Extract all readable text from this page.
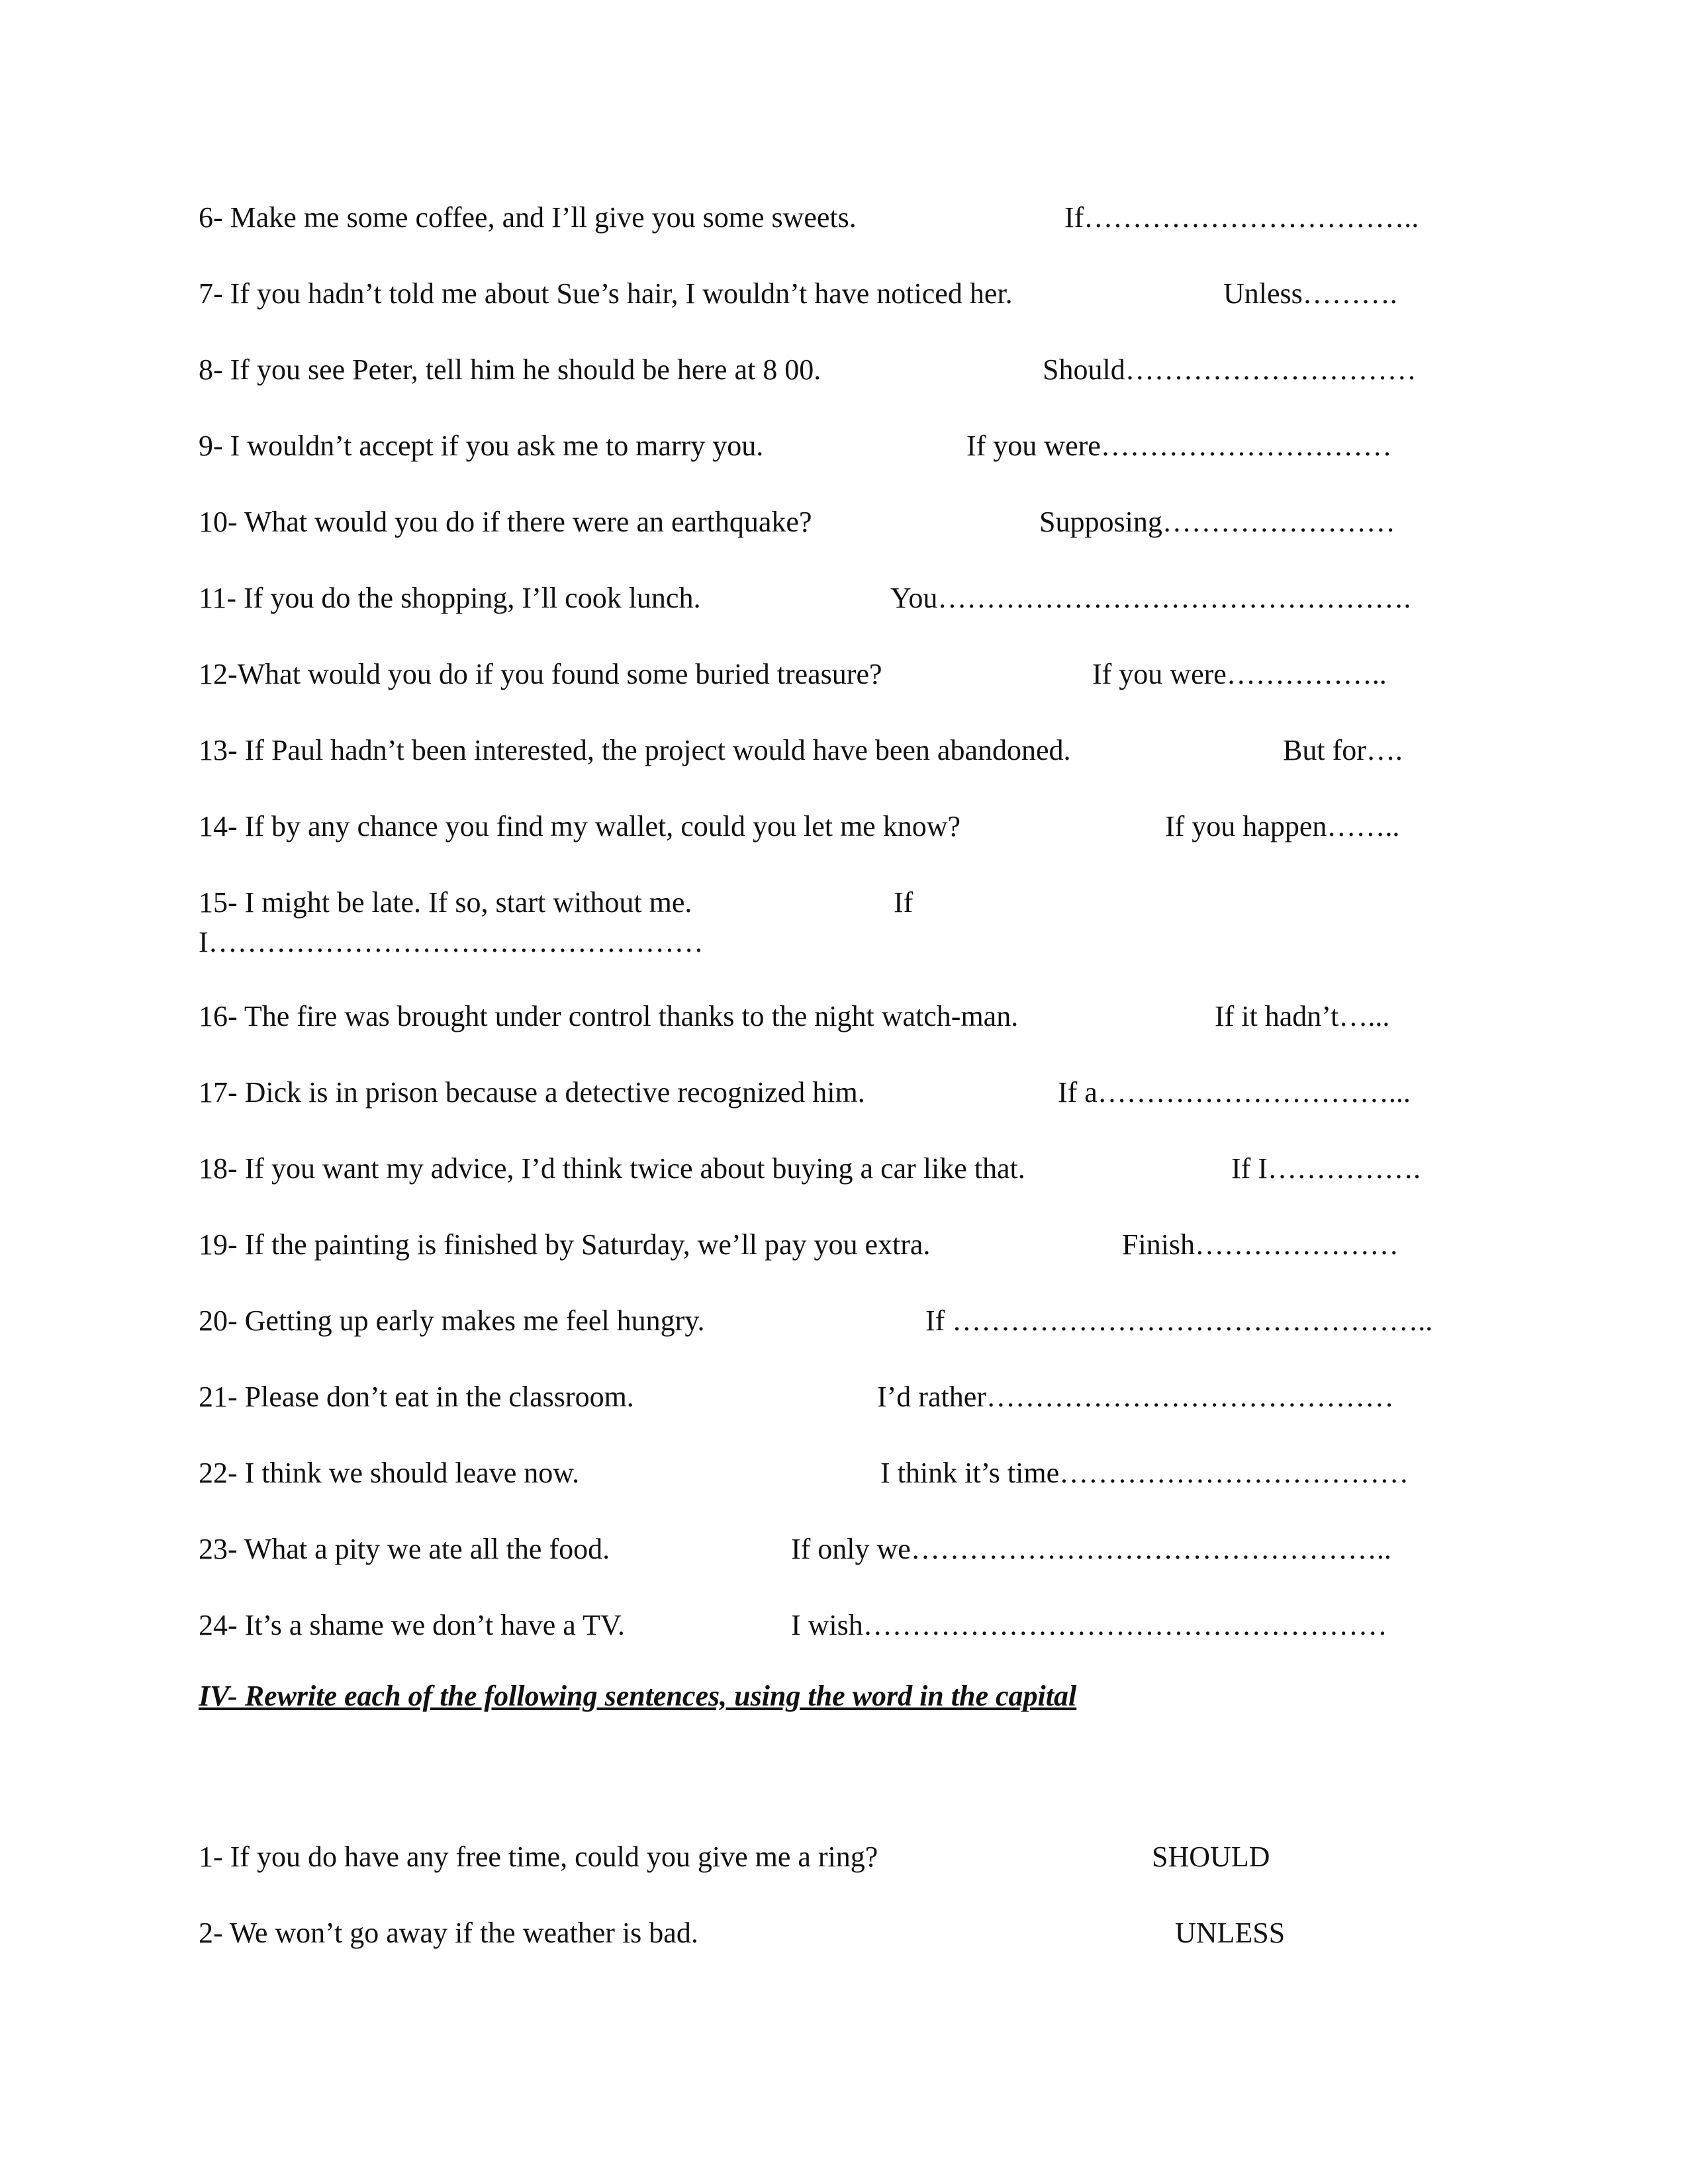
6- Make me some coffee, and I’ll give you some sweets.	If……………………………..
7- If you hadn’t told me about Sue’s hair, I wouldn’t have noticed her.	Unless……….
8- If you see Peter, tell him he should be here at 8 00.	Should…………………………
9- I wouldn’t accept if you ask me to marry you.	If you were…………………………
10- What would you do if there were an earthquake?	Supposing……………………
11- If you do the shopping, I’ll cook lunch.	You………………………………………….
12-What would you do if you found some buried treasure?	If you were……………..
13- If Paul hadn’t been interested, the project would have been abandoned.	But for….
14- If by any chance you find my wallet, could you let me know?	If you happen……..
15- I might be late. If so, start without me.	If
I……………………………………………
16- The fire was brought under control thanks to the night watch-man.	If it hadn’t…...
17- Dick is in prison because a detective recognized him.	If a…………………………...
18- If you want my advice, I’d think twice about buying a car like that.	If I…………….
19- If the painting is finished by Saturday, we’ll pay you extra.	Finish…………………
20- Getting up early makes me feel hungry.	If …………………………………………..
21- Please don’t eat in the classroom.	I’d rather……………………………………
22- I think we should leave now.	I think it’s time………………………………
23- What a pity we ate all the food.	If only we…………………………………………..
24- It’s a shame we don’t have a TV.	I wish………………………………………………
IV- Rewrite each of the following sentences, using the word in the capital
1- If you do have any free time, could you give me a ring?	SHOULD
2- We won’t go away if the weather is bad.	UNLESS
